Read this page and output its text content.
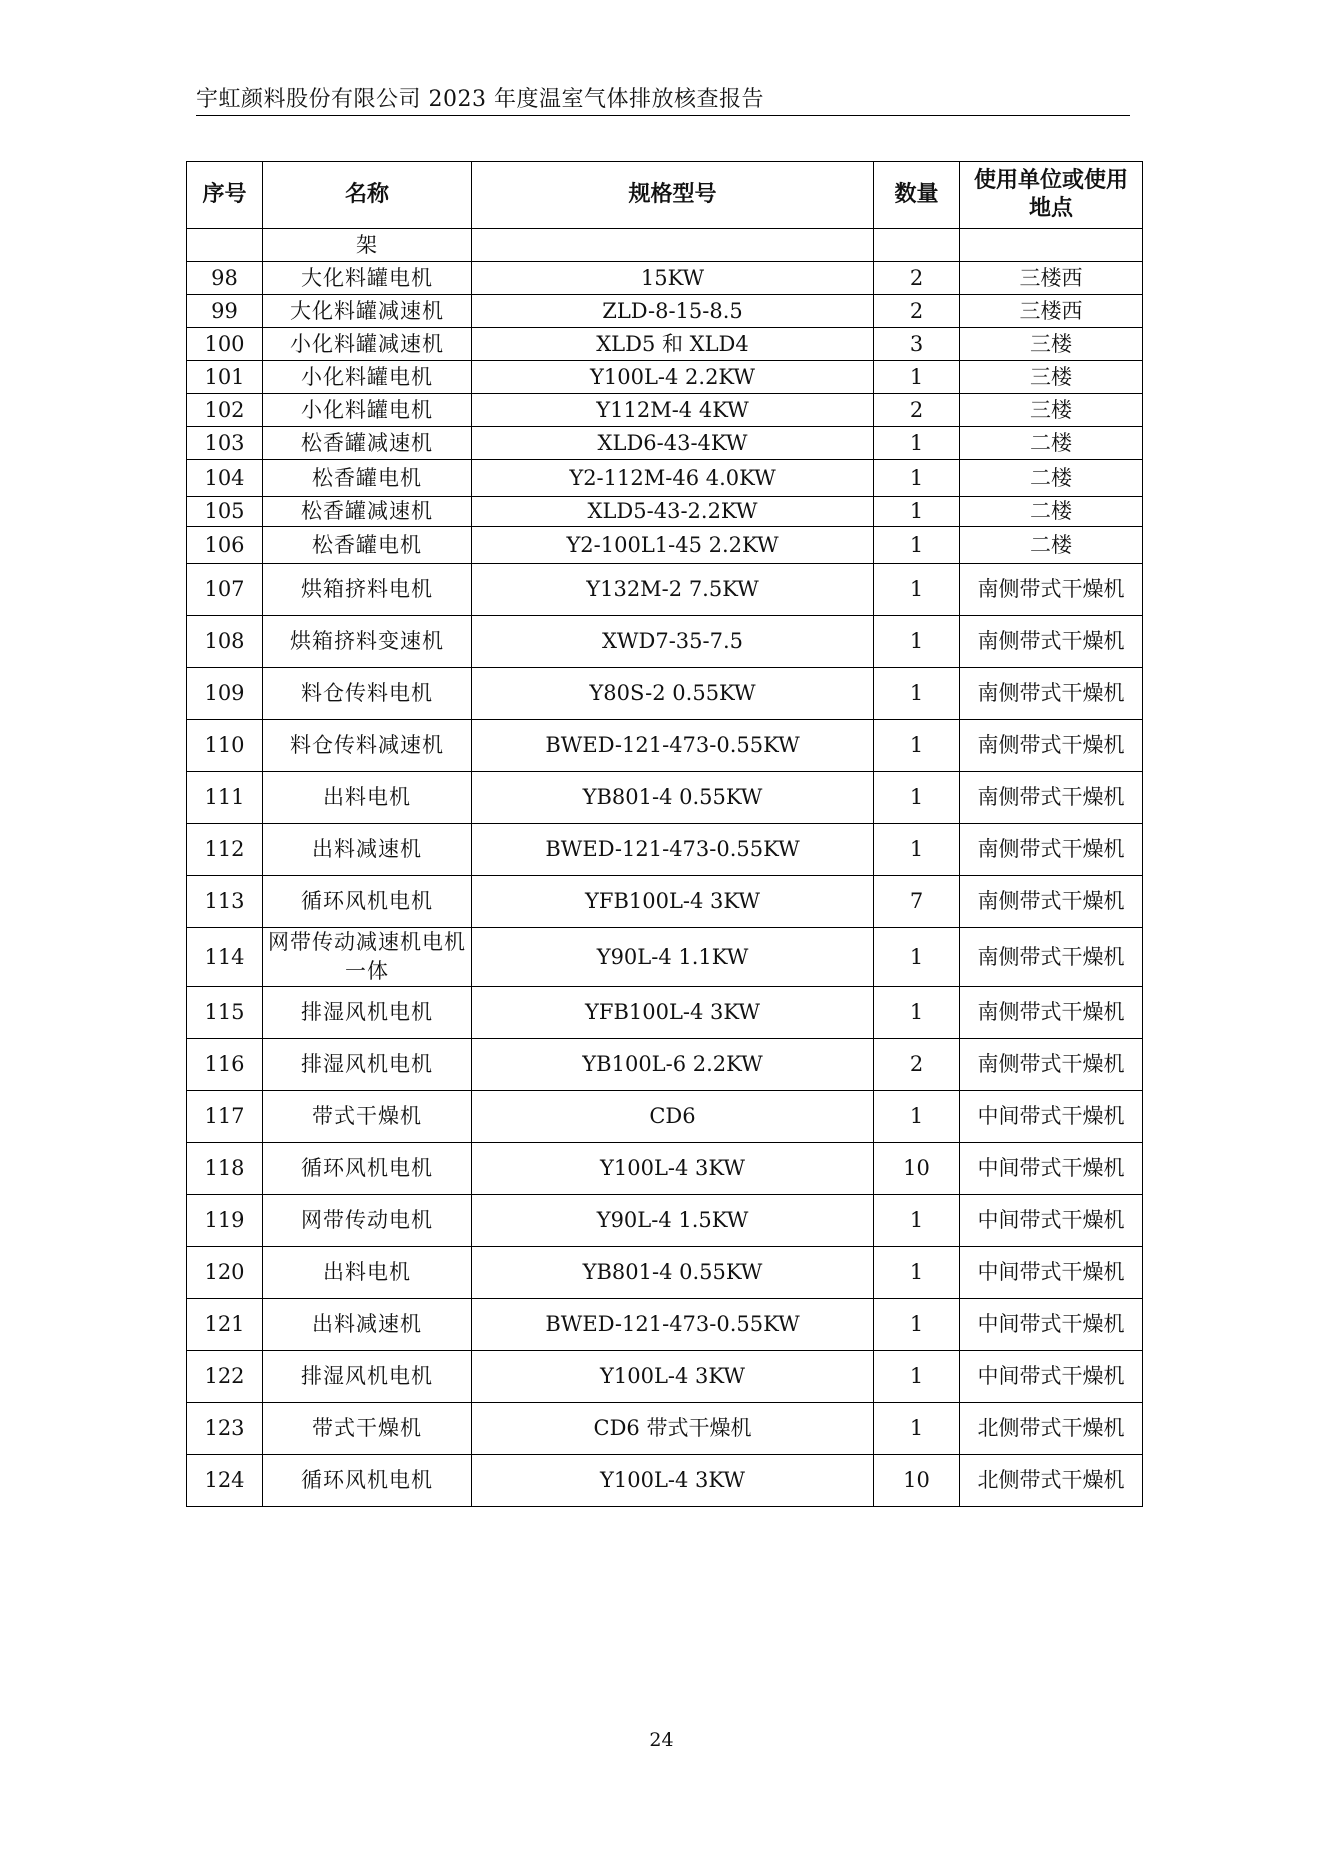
宇虹颜料股份有限公司 2023 年度温室气体排放核查报告
序号	名称	规格型号	数量	使用单位或使用地点
	架			
98	大化料罐电机	15KW	2	三楼西
99	大化料罐减速机	ZLD-8-15-8.5	2	三楼西
100	小化料罐减速机	XLD5 和 XLD4	3	三楼
101	小化料罐电机	Y100L-4 2.2KW	1	三楼
102	小化料罐电机	Y112M-4 4KW	2	三楼
103	松香罐减速机	XLD6-43-4KW	1	二楼
104	松香罐电机	Y2-112M-46 4.0KW	1	二楼
105	松香罐减速机	XLD5-43-2.2KW	1	二楼
106	松香罐电机	Y2-100L1-45 2.2KW	1	二楼
107	烘箱挤料电机	Y132M-2 7.5KW	1	南侧带式干燥机
108	烘箱挤料变速机	XWD7-35-7.5	1	南侧带式干燥机
109	料仓传料电机	Y80S-2 0.55KW	1	南侧带式干燥机
110	料仓传料减速机	BWED-121-473-0.55KW	1	南侧带式干燥机
111	出料电机	YB801-4 0.55KW	1	南侧带式干燥机
112	出料减速机	BWED-121-473-0.55KW	1	南侧带式干燥机
113	循环风机电机	YFB100L-4 3KW	7	南侧带式干燥机
114	网带传动减速机电机一体	Y90L-4 1.1KW	1	南侧带式干燥机
115	排湿风机电机	YFB100L-4 3KW	1	南侧带式干燥机
116	排湿风机电机	YB100L-6 2.2KW	2	南侧带式干燥机
117	带式干燥机	CD6	1	中间带式干燥机
118	循环风机电机	Y100L-4 3KW	10	中间带式干燥机
119	网带传动电机	Y90L-4 1.5KW	1	中间带式干燥机
120	出料电机	YB801-4 0.55KW	1	中间带式干燥机
121	出料减速机	BWED-121-473-0.55KW	1	中间带式干燥机
122	排湿风机电机	Y100L-4 3KW	1	中间带式干燥机
123	带式干燥机	CD6 带式干燥机	1	北侧带式干燥机
124	循环风机电机	Y100L-4 3KW	10	北侧带式干燥机
24
